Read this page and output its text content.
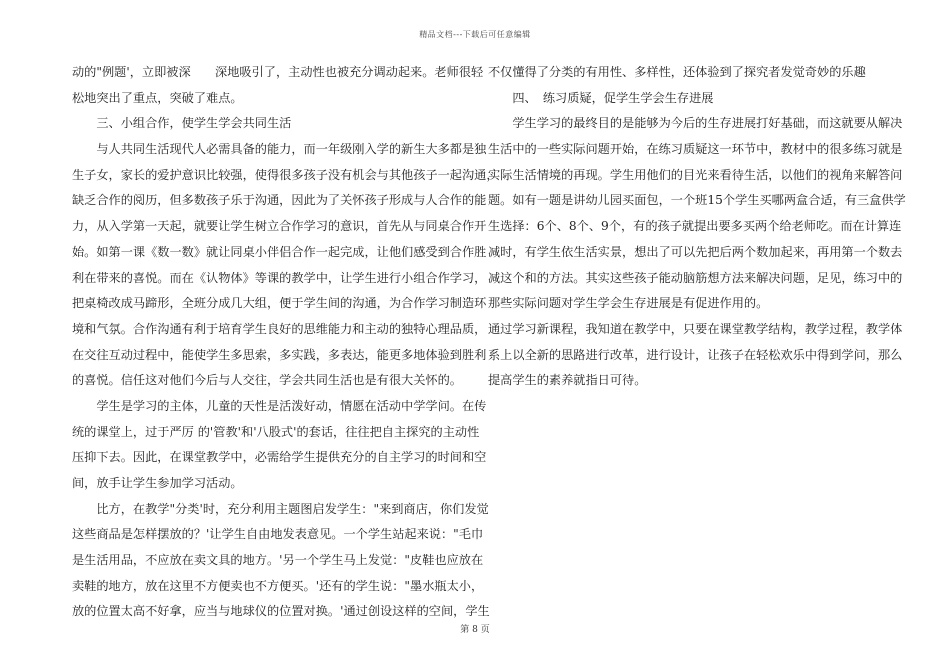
精品文档---下载后可任意编辑
动的"例题'，立即被深　　深地吸引了，主动性也被充分调动起来。老师很轻
松地突出了重点，突破了难点。
　　三、小组合作，使学生学会共同生活
　　与人共同生活现代人必需具备的能力，而一年级刚入学的新生大多都是独
生子女，家长的爱护意识比较强，使得很多孩子没有机会与其他孩子一起沟通，
缺乏合作的阅历，但多数孩子乐于沟通，因此为了关怀孩子形成与人合作的能
力，从入学第一天起，就要让学生树立合作学习的意识，首先从与同桌合作开
始。如第一课《数一数》就让同桌小伴侣合作一起完成，让他们感受到合作胜
利在带来的喜悦。而在《认物体》等课的教学中，让学生进行小组合作学习，
把桌椅改成马蹄形，全班分成几大组，便于学生间的沟通，为合作学习制造环
境和气氛。合作沟通有利于培育学生良好的思维能力和主动的独特心理品质，
在交往互动过程中，能使学生多思索，多实践，多表达，能更多地体验到胜利
的喜悦。信任这对他们今后与人交往，学会共同生活也是有很大关怀的。
　　学生是学习的主体，儿童的天性是活泼好动，情愿在活动中学学问。在传
统的课堂上，过于严厉 的'管教'和'八股式'的套话，往往把自主探究的主动性
压抑下去。因此，在课堂教学中，必需给学生提供充分的自主学习的时间和空
间，放手让学生参加学习活动。
　　比方，在教学"分类'时，充分利用主题图启发学生："来到商店，你们发觉
这些商品是怎样摆放的？'让学生自由地发表意见。一个学生站起来说："毛巾
是生活用品，不应放在卖文具的地方。'另一个学生马上发觉："皮鞋也应放在
卖鞋的地方，放在这里不方便卖也不方便买。'还有的学生说："墨水瓶太小，
放的位置太高不好拿，应当与地球仪的位置对换。'通过创设这样的空间，学生
不仅懂得了分类的有用性、多样性，还体验到了探究者发觉奇妙的乐趣
　　四、　练习质疑，促学生学会生存进展
　　学生学习的最终目的是能够为今后的生存进展打好基础，而这就要从解决
生活中的一些实际问题开始，在练习质疑这一环节中，教材中的很多练习就是
实际生活情境的再现。学生用他们的目光来看待生活，以他们的视角来解答问
题。如有一题是讲幼儿园买面包，一个班15个学生买哪两盒合适，有三盒供学
生选择：6个、8个、9个，有的孩子就提出要多买两个给老师吃。而在计算连
减时，有学生依生活实景，想出了可以先把后两个数加起来，再用第一个数去
减这个和的方法。其实这些孩子能动脑筋想方法来解决问题，足见，练习中的
那些实际问题对学生学会生存进展是有促进作用的。
通过学习新课程，我知道在教学中，只要在课堂教学结构，教学过程，教学体
系上以全新的思路进行改革，进行设计，让孩子在轻松欢乐中得到学问，那么
提高学生的素养就指日可待。
第 8 页
